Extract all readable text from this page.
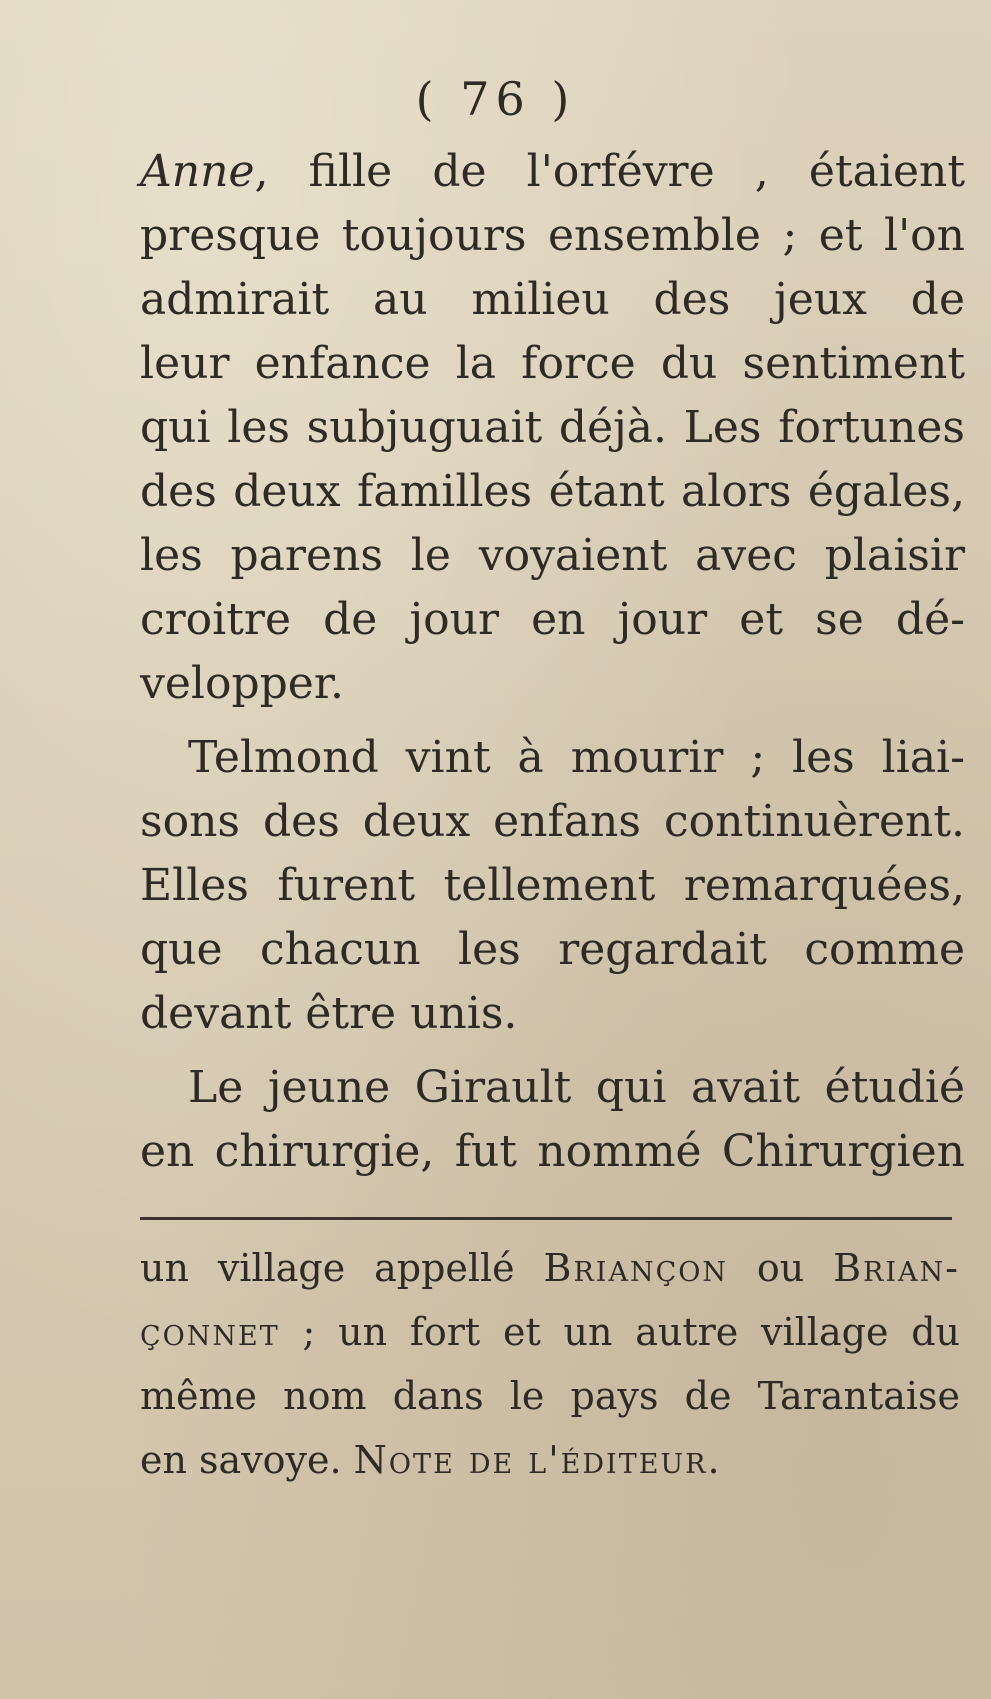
( 76 )
Anne, fille de l'orfévre , étaient
presque toujours ensemble ; et l'on
admirait au milieu des jeux de
leur enfance la force du sentiment
qui les subjuguait déjà. Les fortunes
des deux familles étant alors égales,
les parens le voyaient avec plaisir
croitre de jour en jour et se dé-
velopper.
Telmond vint à mourir ; les liai-
sons des deux enfans continuèrent.
Elles furent tellement remarquées,
que chacun les regardait comme
devant être unis.
Le jeune Girault qui avait étudié
en chirurgie, fut nommé Chirurgien
un village appellé Briançon ou Brian-
çonnet ; un fort et un autre village du
même nom dans le pays de Tarantaise
en savoye. Note de l'éditeur.
